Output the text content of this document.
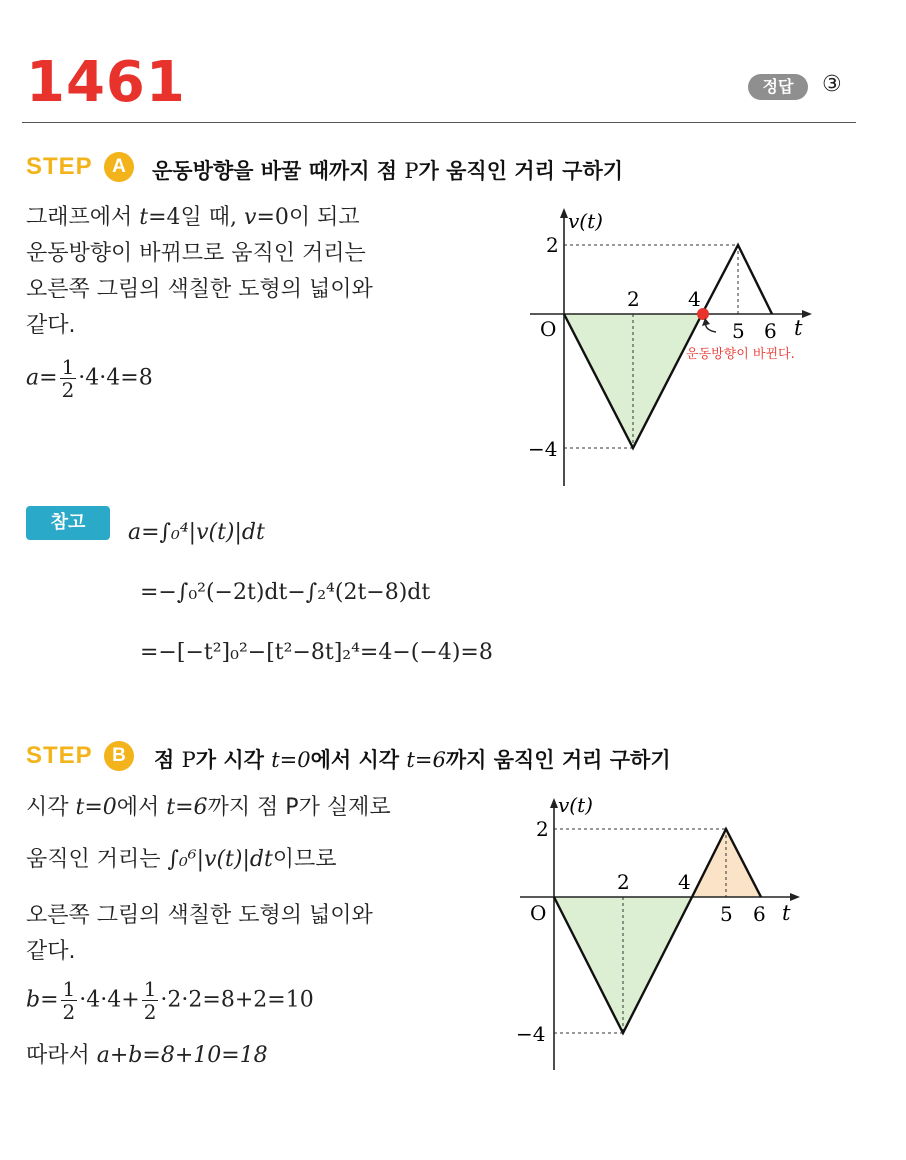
1461	정답	③
STEP	A	운동방향을 바꿀 때까지 점 P가 움직인 거리 구하기
그래프에서 t=4일 때, v=0이 되고
운동방향이 바뀌므로 움직인 거리는
오른쪽 그림의 색칠한 도형의 넓이와
같다.
$a= \frac{1}{2} \cdot 4\cdot 4=8$
v(t)
t
O
2 4
5 6
2
−4
운동방향이 바뀐다.
참고	a=∫₀⁴|v(t)|dt
=−∫₀²(−2t)dt−∫₂⁴(2t−8)dt
=−[−t²]₀²−[t²−8t]₂⁴=4−(−4)=8
STEP	B	점 P가 시각 t=0에서 시각 t=6까지 움직인 거리 구하기
시각 t=0에서 t=6까지 점 P가 실제로
움직인 거리는 ∫₀⁶|v(t)|dt이므로
오른쪽 그림의 색칠한 도형의 넓이와
같다.
$b= \frac{1}{2} \cdot 4\cdot 4+ \frac{1}{2} \cdot 2\cdot 2=8+2=10$
따라서 a+b=8+10=18
v(t)
t
O
2 4
5 6
2
−4
